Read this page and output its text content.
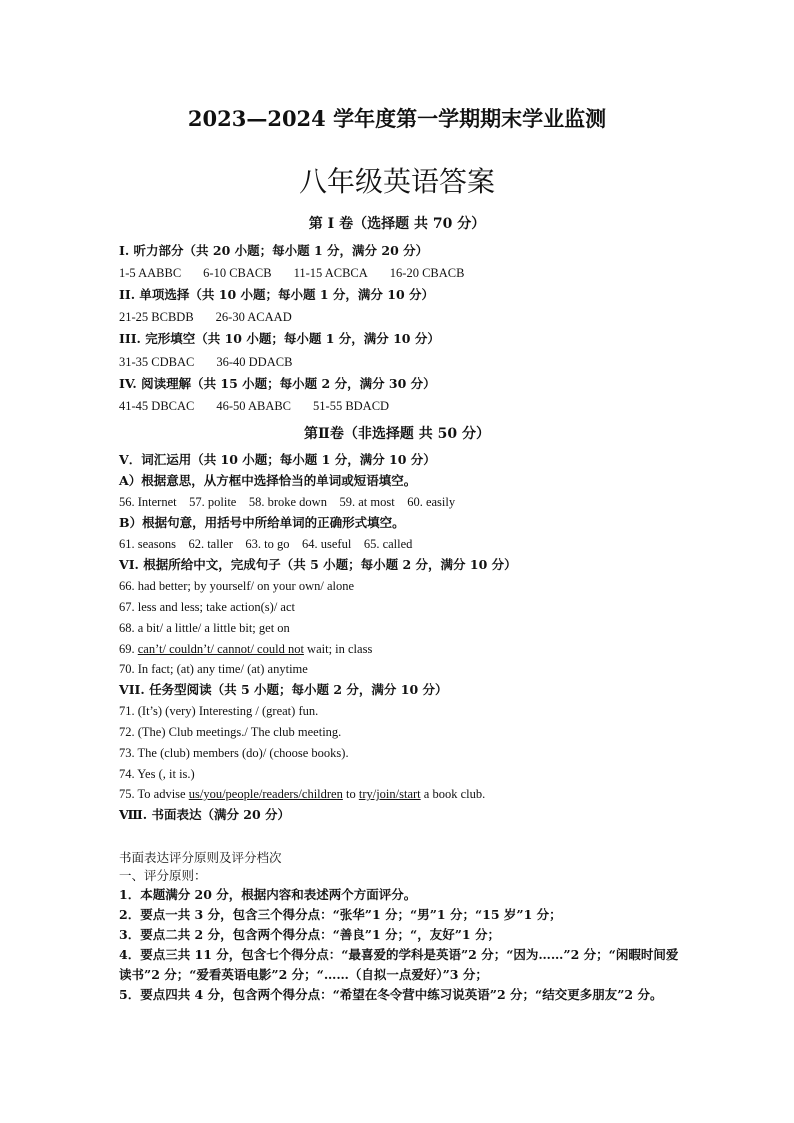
2023—2024 学年度第一学期期末学业监测
八年级英语答案
第 I 卷（选择题 共 70 分）
I. 听力部分（共 20 小题；每小题 1 分，满分 20 分）
1-5 AABBC 6-10 CBACB 11-15 ACBCA 16-20 CBACB
II. 单项选择（共 10 小题；每小题 1 分，满分 10 分）
21-25 BCBDB 26-30 ACAAD
III. 完形填空（共 10 小题；每小题 1 分，满分 10 分）
31-35 CDBAC 36-40 DDACB
IV. 阅读理解（共 15 小题；每小题 2 分，满分 30 分）
41-45 DBCAC 46-50 ABABC 51-55 BDACD
第Ⅱ卷（非选择题 共 50 分）
V．词汇运用（共 10 小题；每小题 1 分，满分 10 分）
A）根据意思，从方框中选择恰当的单词或短语填空。
56. Internet 57. polite 58. broke down 59. at most 60. easily
B）根据句意，用括号中所给单词的正确形式填空。
61. seasons 62. taller 63. to go 64. useful 65. called
VI. 根据所给中文，完成句子（共 5 小题；每小题 2 分，满分 10 分）
66. had better; by yourself/ on your own/ alone
67. less and less; take action(s)/ act
68. a bit/ a little/ a little bit; get on
69. can’t/ couldn’t/ cannot/ could not wait; in class
70. In fact; (at) any time/ (at) anytime
VII. 任务型阅读（共 5 小题；每小题 2 分，满分 10 分）
71. (It’s) (very) Interesting / (great) fun.
72. (The) Club meetings./ The club meeting.
73. The (club) members (do)/ (choose books).
74. Yes (, it is.)
75. To advise us/you/people/readers/children to try/join/start a book club.
Ⅷ. 书面表达（满分 20 分）
书面表达评分原则及评分档次
一、评分原则：
1．本题满分 20 分，根据内容和表述两个方面评分。
2．要点一共 3 分，包含三个得分点：“张华”1 分；“男”1 分；“15 岁”1 分；
3．要点二共 2 分，包含两个得分点：“善良”1 分；“，友好”1 分；
4．要点三共 11 分，包含七个得分点：“最喜爱的学科是英语”2 分；“因为……”2 分；“闲暇时间爱读书”2 分；“爱看英语电影”2 分；“……（自拟一点爱好）”3 分；
5．要点四共 4 分，包含两个得分点：“希望在冬令营中练习说英语”2 分；“结交更多朋友”2 分。
